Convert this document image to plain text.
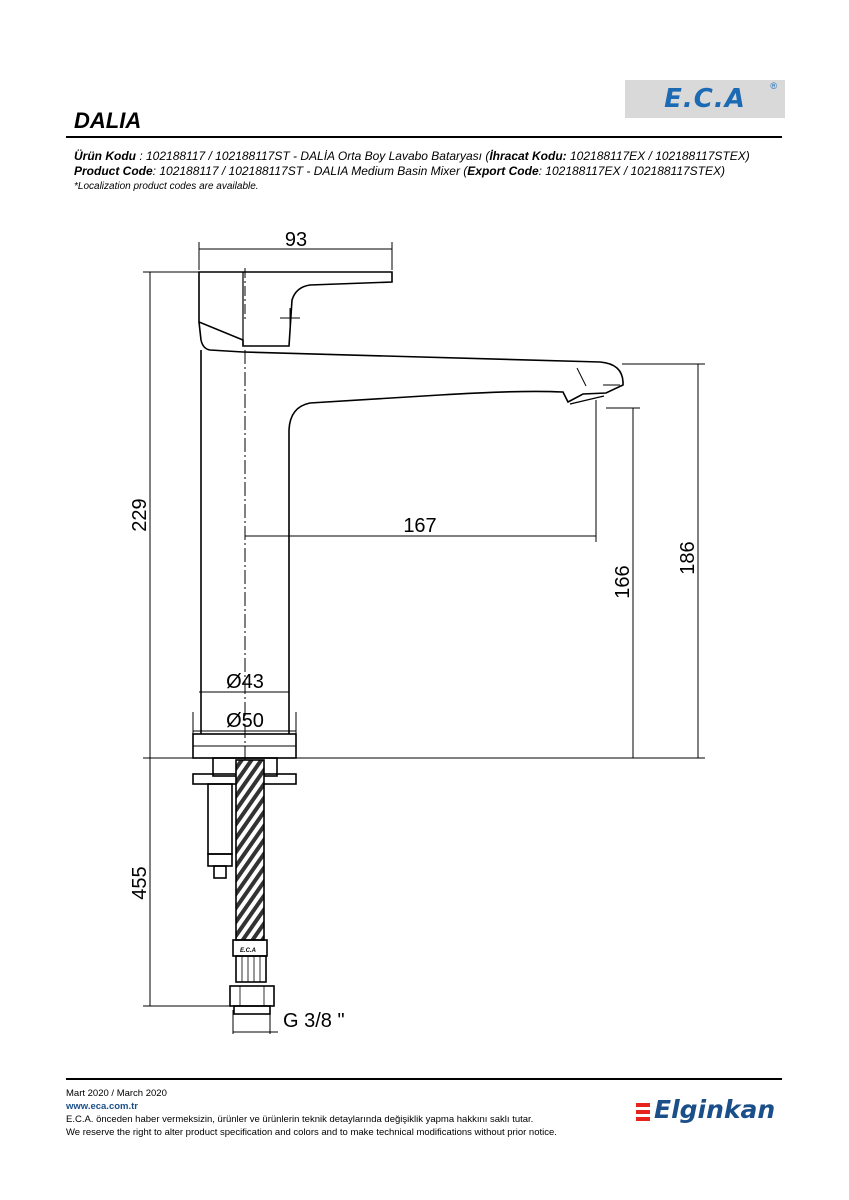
E.C.A	®
DALIA
Ürün Kodu : 102188117 / 102188117ST - DALİA Orta Boy Lavabo Bataryası (İhracat Kodu: 102188117EX / 102188117STEX)
Product Code: 102188117 / 102188117ST - DALIA Medium Basin Mixer (Export Code: 102188117EX / 102188117STEX)
*Localization product codes are available.
93
229	167
166
186
Ø43
Ø50
455
G 3/8 "
E.C.A
Mart 2020 / March 2020
www.eca.com.tr
E.C.A. önceden haber vermeksizin, ürünler ve ürünlerin teknik detaylarında değişiklik yapma hakkını saklı tutar.
We reserve the right to alter product specification and colors and to make technical modifications without prior notice.
Elginkan
